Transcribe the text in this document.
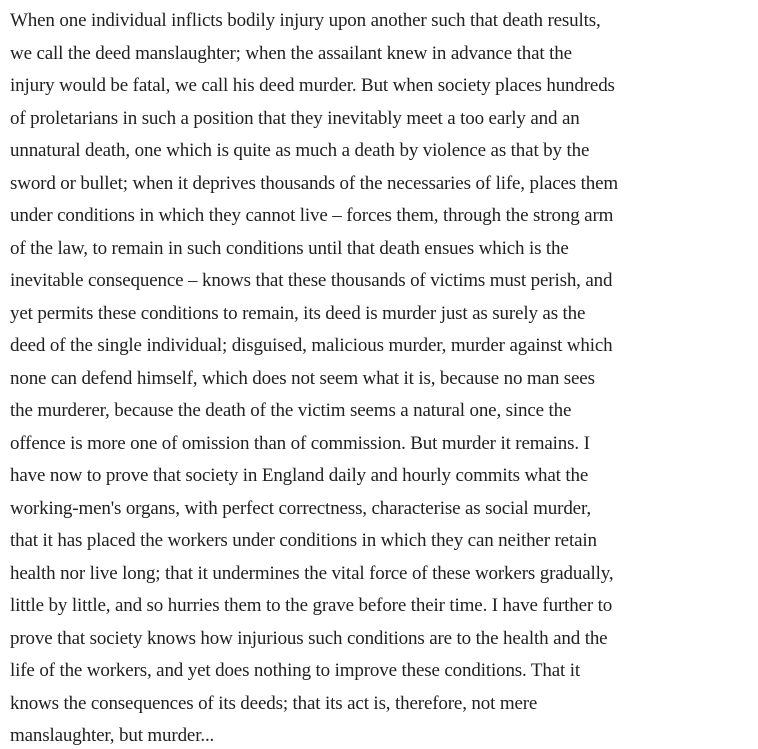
When one individual inflicts bodily injury upon another such that death results,
we call the deed manslaughter; when the assailant knew in advance that the
injury would be fatal, we call his deed murder. But when society places hundreds
of proletarians in such a position that they inevitably meet a too early and an
unnatural death, one which is quite as much a death by violence as that by the
sword or bullet; when it deprives thousands of the necessaries of life, places them
under conditions in which they cannot live – forces them, through the strong arm
of the law, to remain in such conditions until that death ensues which is the
inevitable consequence – knows that these thousands of victims must perish, and
yet permits these conditions to remain, its deed is murder just as surely as the
deed of the single individual; disguised, malicious murder, murder against which
none can defend himself, which does not seem what it is, because no man sees
the murderer, because the death of the victim seems a natural one, since the
offence is more one of omission than of commission. But murder it remains. I
have now to prove that society in England daily and hourly commits what the
working-men's organs, with perfect correctness, characterise as social murder,
that it has placed the workers under conditions in which they can neither retain
health nor live long; that it undermines the vital force of these workers gradually,
little by little, and so hurries them to the grave before their time. I have further to
prove that society knows how injurious such conditions are to the health and the
life of the workers, and yet does nothing to improve these conditions. That it
knows the consequences of its deeds; that its act is, therefore, not mere
manslaughter, but murder...
